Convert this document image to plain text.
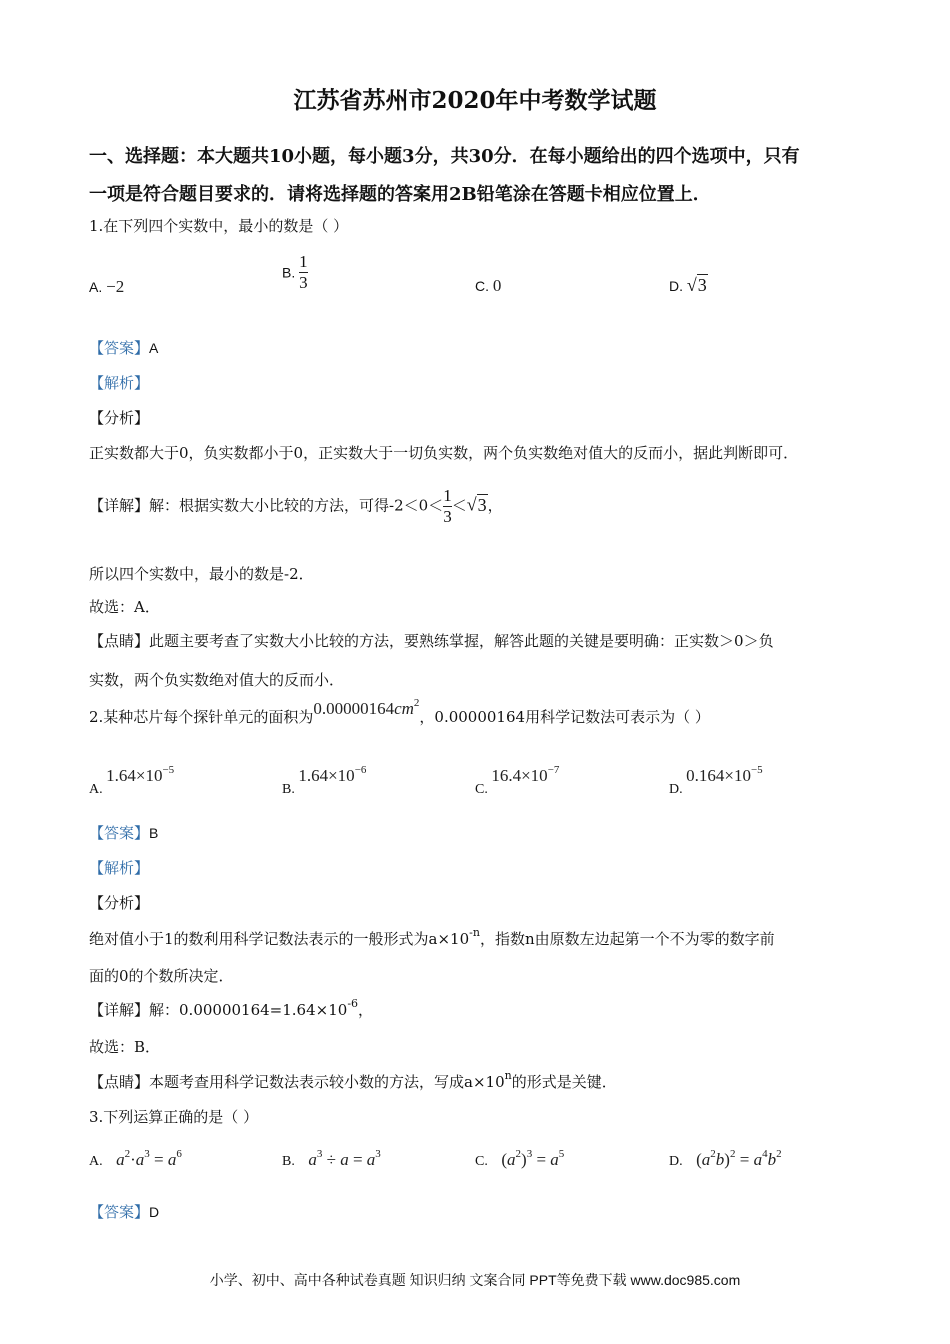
江苏省苏州市2020年中考数学试题
一、选择题：本大题共10小题，每小题3分，共30分．在每小题给出的四个选项中，只有
一项是符合题目要求的．请将选择题的答案用2B铅笔涂在答题卡相应位置上．
1.在下列四个实数中，最小的数是（ ）
A. −2
B. $\frac{1}{3}$	C. 0	D. √3
【答案】A
【解析】
【分析】
正实数都大于0，负实数都小于0，正实数大于一切负实数，两个负实数绝对值大的反而小，据此判断即可．
【详解】解：根据实数大小比较的方法，可得$-2<0< \frac{1}{3} <√3$，
所以四个实数中，最小的数是-2．
故选：A．
【点睛】此题主要考查了实数大小比较的方法，要熟练掌握，解答此题的关键是要明确：正实数＞0＞负
实数，两个负实数绝对值大的反而小．
2.某种芯片每个探针单元的面积为$0.00000164cm^2$，0.00000164用科学记数法可表示为（ ）
A. $1.64\times 10^{-5}$
B. $1.64\times 10^{-6}$
C. $16.4\times 10^{-7}$
D. $0.164\times 10^{-5}$
【答案】B
【解析】
【分析】
绝对值小于1的数利用科学记数法表示的一般形式为$a\times 10^{-n}$，指数n由原数左边起第一个不为零的数字前
面的0的个数所决定．
【详解】解：$0.00000164=1.64\times 10^{-6}$，
故选：B．
【点睛】本题考查用科学记数法表示较小数的方法，写成$a\times 10^n$的形式是关键．
3.下列运算正确的是（ ）
A. $a^2\cdot a^3 = a^6$	B. $a^3 \div a = a^3$	C. $(a^2)^3 = a^5$	D. $(a^2b)^2 = a^4b^2$
【答案】D
小学、初中、高中各种试卷真题 知识归纳 文案合同 PPT等免费下载 www.doc985.com
